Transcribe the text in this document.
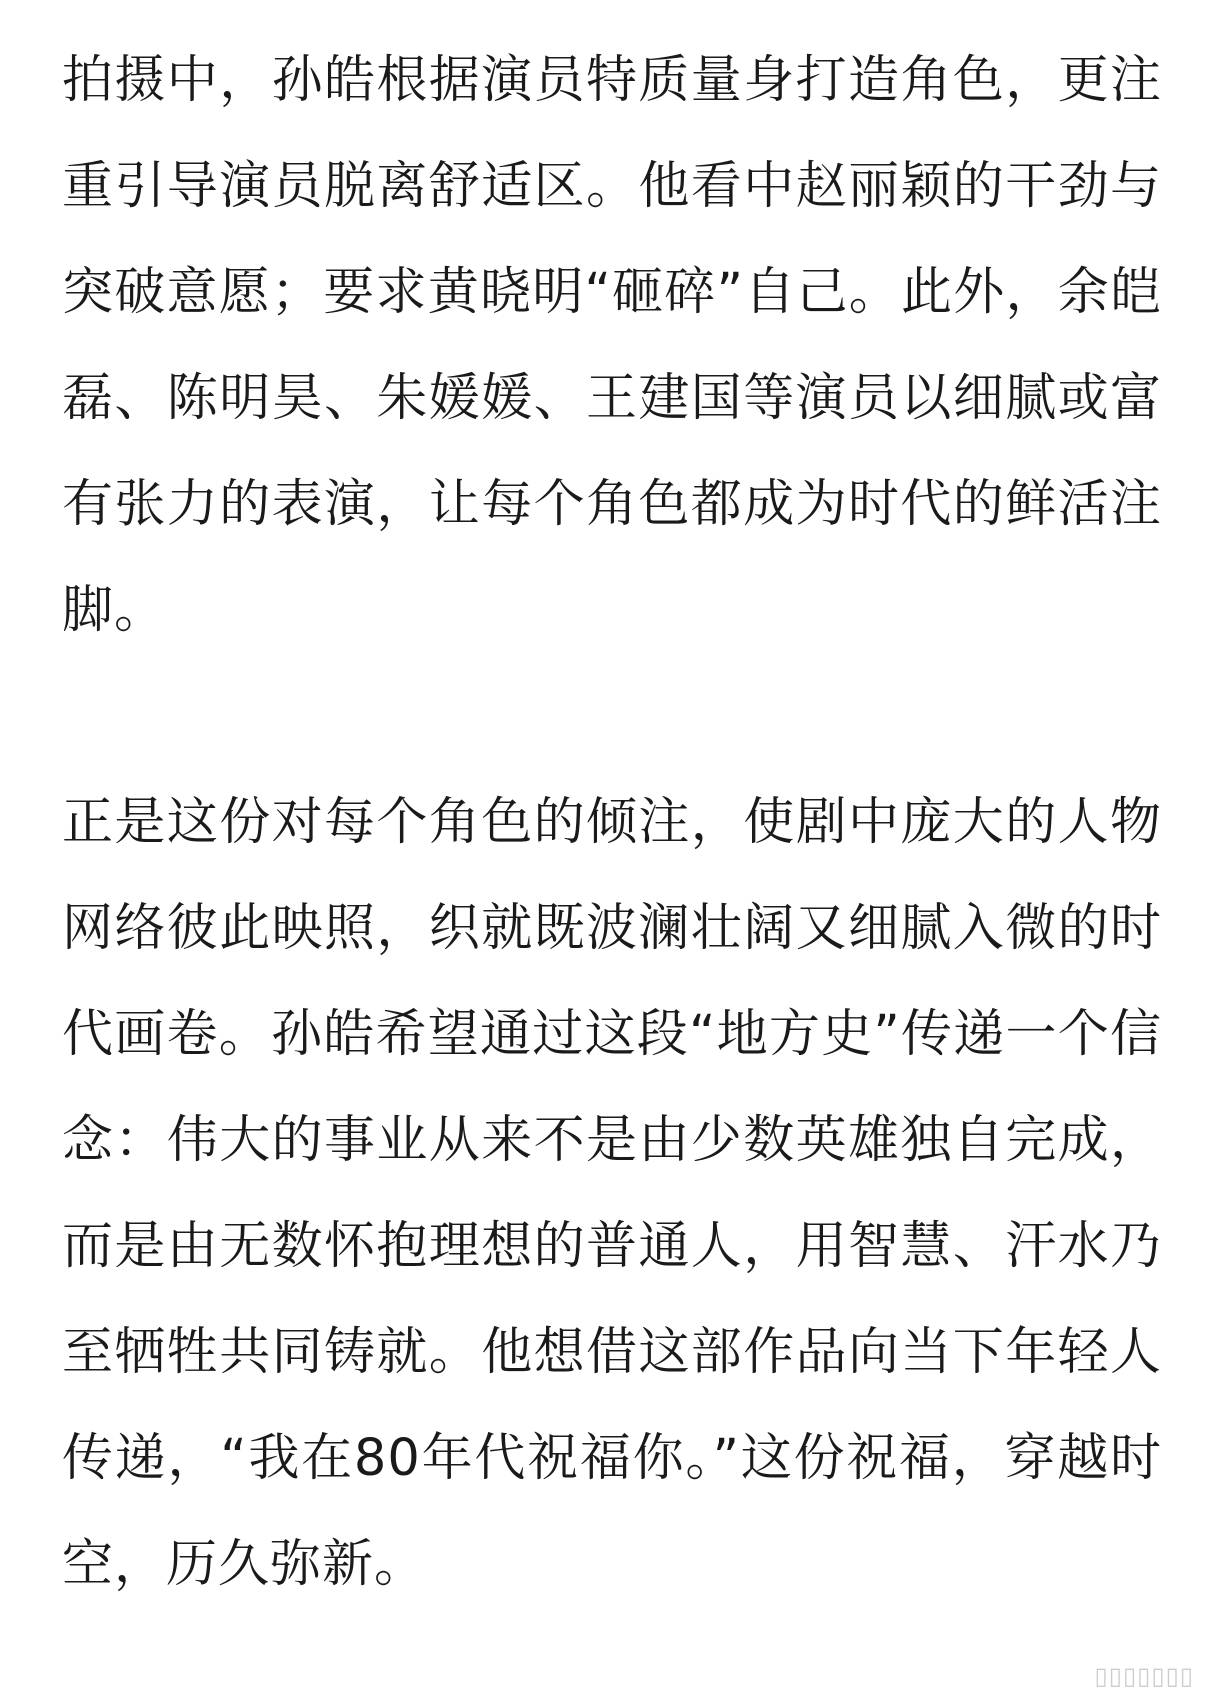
拍摄中，孙皓根据演员特质量身打造角色，更注重引导演员脱离舒适区。他看中赵丽颖的干劲与突破意愿；要求黄晓明“砸碎”自己。此外，余皑磊、陈明昊、朱媛媛、王建国等演员以细腻或富有张力的表演，让每个角色都成为时代的鲜活注脚。

正是这份对每个角色的倾注，使剧中庞大的人物网络彼此映照，织就既波澜壮阔又细腻入微的时代画卷。孙皓希望通过这段“地方史”传递一个信念：伟大的事业从来不是由少数英雄独自完成，而是由无数怀抱理想的普通人，用智慧、汗水乃至牺牲共同铸就。他想借这部作品向当下年轻人传递，“我在80年代祝福你。”这份祝福，穿越时空，历久弥新。

▯▯▯▯▯▯▯
